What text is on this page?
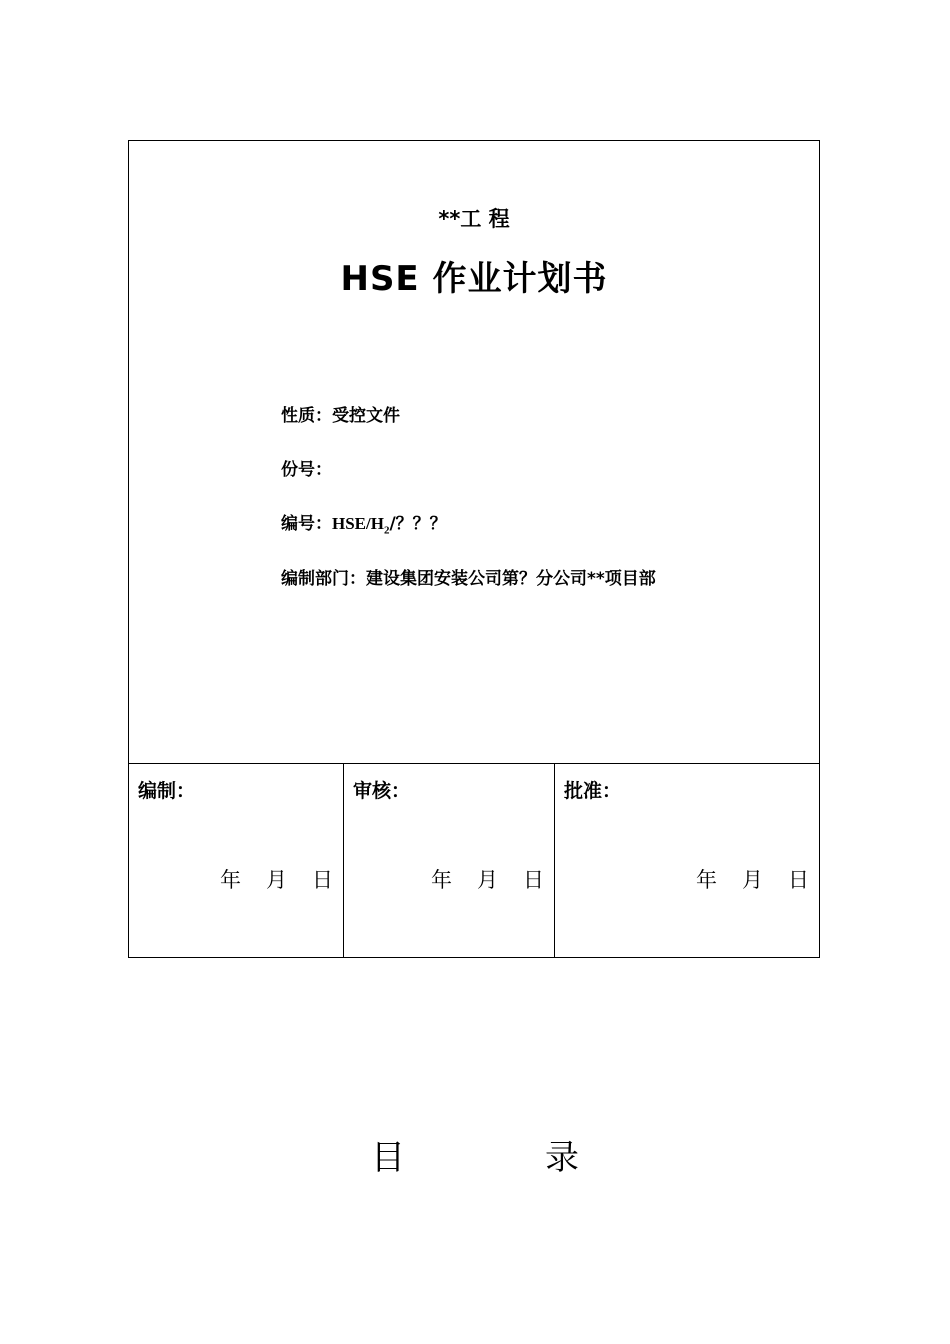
**工 程
HSE 作业计划书
性质：受控文件
份号：
编号：HSE/$H_2/$？？？
编制部门：建设集团安装公司第？分公司**项目部
编制：
年	月	日
审核：
年	月	日
批准：
年	月	日
目	录
